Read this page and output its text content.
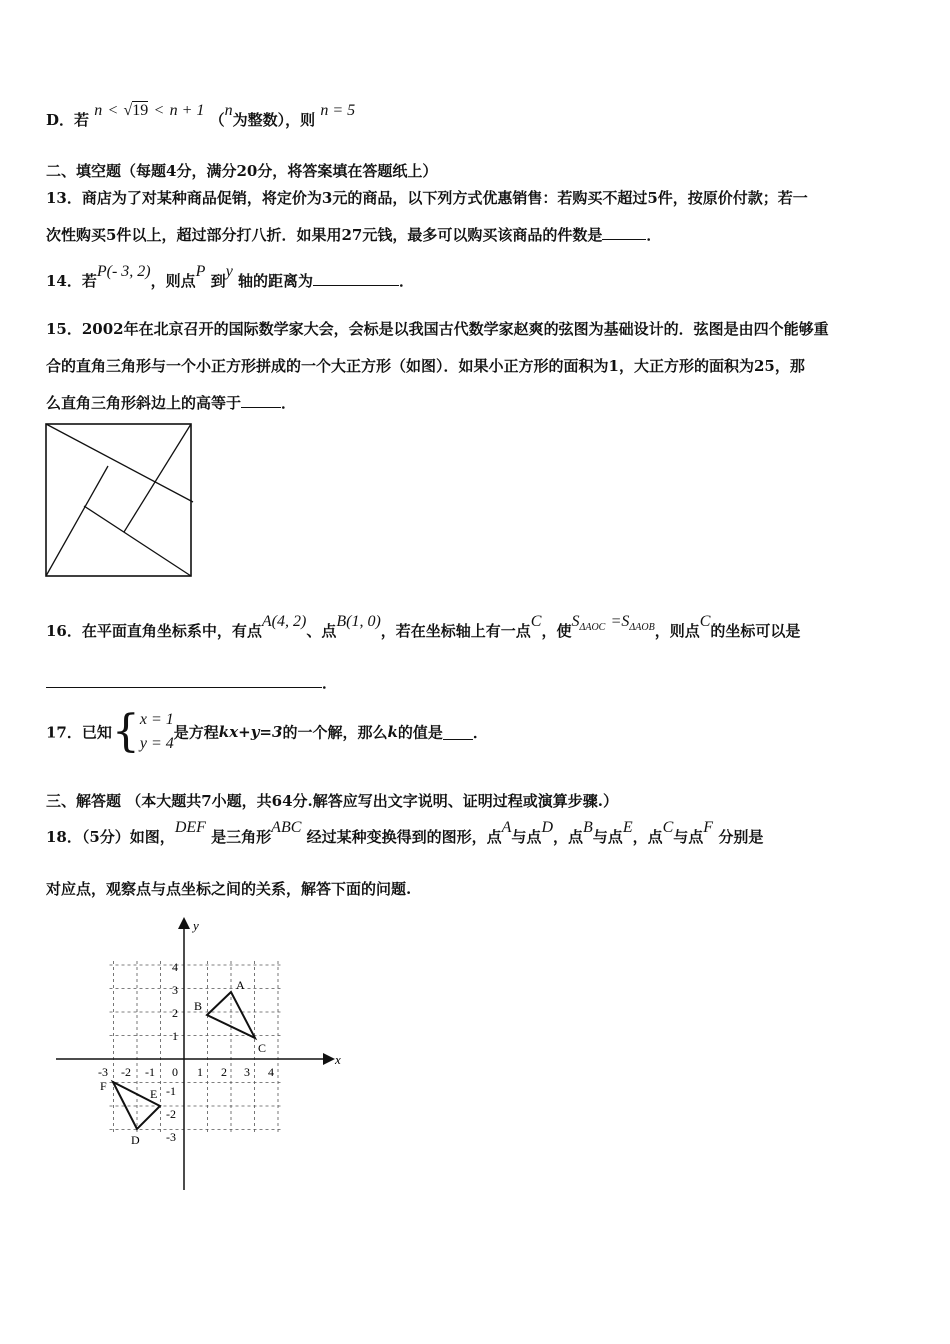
D．若 n < √19 < n + 1 （n为整数），则 n = 5
二、填空题（每题4分，满分20分，将答案填在答题纸上）
13．商店为了对某种商品促销，将定价为3元的商品，以下列方式优惠销售：若购买不超过5件，按原价付款；若一
次性购买5件以上，超过部分打八折．如果用27元钱，最多可以购买该商品的件数是	．
14．若P(- 3, 2)，则点P 到y 轴的距离为	．
15．2002年在北京召开的国际数学家大会，会标是以我国古代数学家赵爽的弦图为基础设计的．弦图是由四个能够重
合的直角三角形与一个小正方形拼成的一个大正方形（如图）．如果小正方形的面积为1，大正方形的面积为25，那
么直角三角形斜边上的高等于	．
16．在平面直角坐标系中，有点A(4, 2)、点B(1, 0)，若在坐标轴上有一点C，使$S^{\Delta AOC} =S^{\Delta AOB}$，则点C的坐标可以是
．
17．已知{ x = 1
y = 4
是方程kx+y=3的一个解，那么k的值是 ．
三、解答题 （本大题共7小题，共64分.解答应写出文字说明、证明过程或演算步骤.）
18．（5分）如图，DEF 是三角形ABC 经过某种变换得到的图形，点A与点D，点B与点E，点C与点F 分别是
对应点，观察点与点坐标之间的关系，解答下面的问题.
x
y
0 1 2 3 4
-3 -2 -1
1
2
3
4
-1
-2
-3
A
B
C
D
E
F
